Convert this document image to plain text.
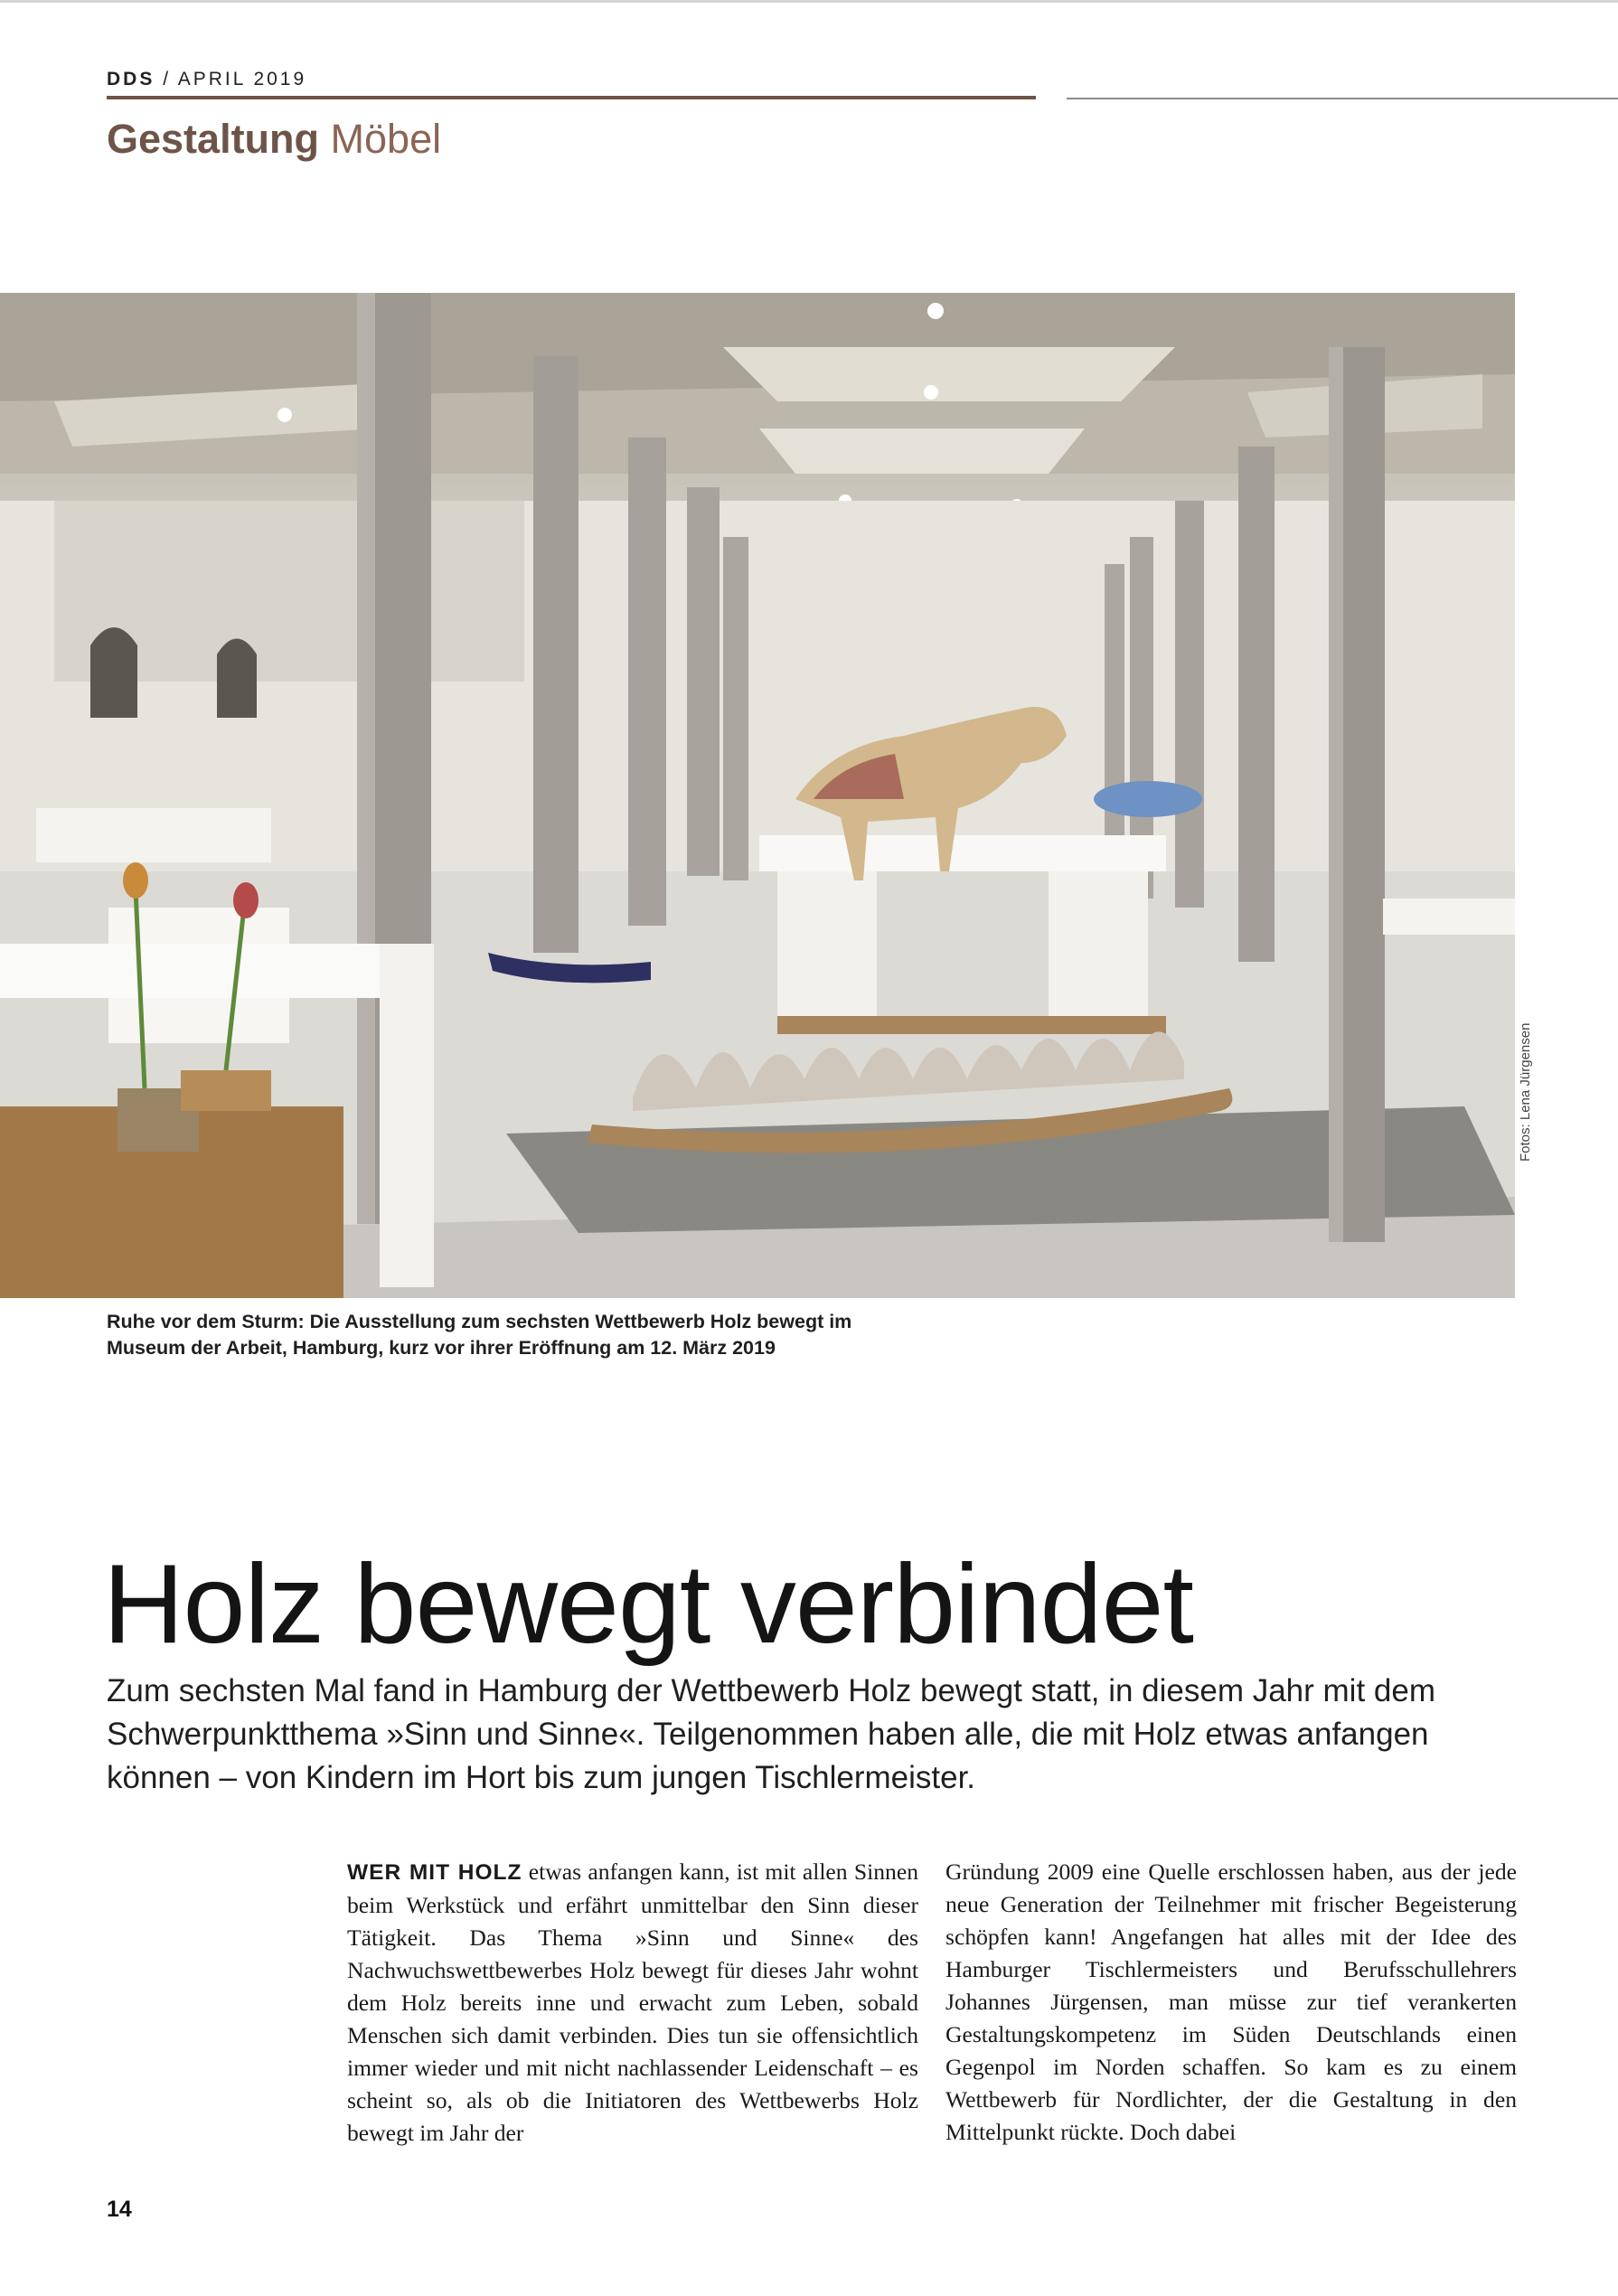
DDS / APRIL 2019
Gestaltung Möbel
Fotos: Lena Jürgensen
Ruhe vor dem Sturm: Die Ausstellung zum sechsten Wettbewerb Holz bewegt im Museum der Arbeit, Hamburg, kurz vor ihrer Eröffnung am 12. März 2019
Holz bewegt verbindet

Zum sechsten Mal fand in Hamburg der Wettbewerb Holz bewegt statt, in diesem Jahr mit dem Schwerpunktthema »Sinn und Sinne«. Teilgenommen haben alle, die mit Holz etwas anfangen können – von Kindern im Hort bis zum jungen Tischlermeister.

WER MIT HOLZ etwas anfangen kann, ist mit allen Sinnen beim Werkstück und erfährt unmittelbar den Sinn dieser Tätigkeit. Das Thema »Sinn und Sinne« des Nachwuchswettbewerbes Holz bewegt für dieses Jahr wohnt dem Holz bereits inne und erwacht zum Leben, sobald Menschen sich damit verbinden. Dies tun sie offensichtlich immer wieder und mit nicht nachlassender Leidenschaft – es scheint so, als ob die Initiatoren des Wettbewerbs Holz bewegt im Jahr der

Gründung 2009 eine Quelle erschlossen haben, aus der jede neue Generation der Teilnehmer mit frischer Begeisterung schöpfen kann! Angefangen hat alles mit der Idee des Hamburger Tischlermeisters und Berufsschullehrers Johannes Jürgensen, man müsse zur tief verankerten Gestaltungskompetenz im Süden Deutschlands einen Gegenpol im Norden schaffen. So kam es zu einem Wettbewerb für Nordlichter, der die Gestaltung in den Mittelpunkt rückte. Doch dabei

14
